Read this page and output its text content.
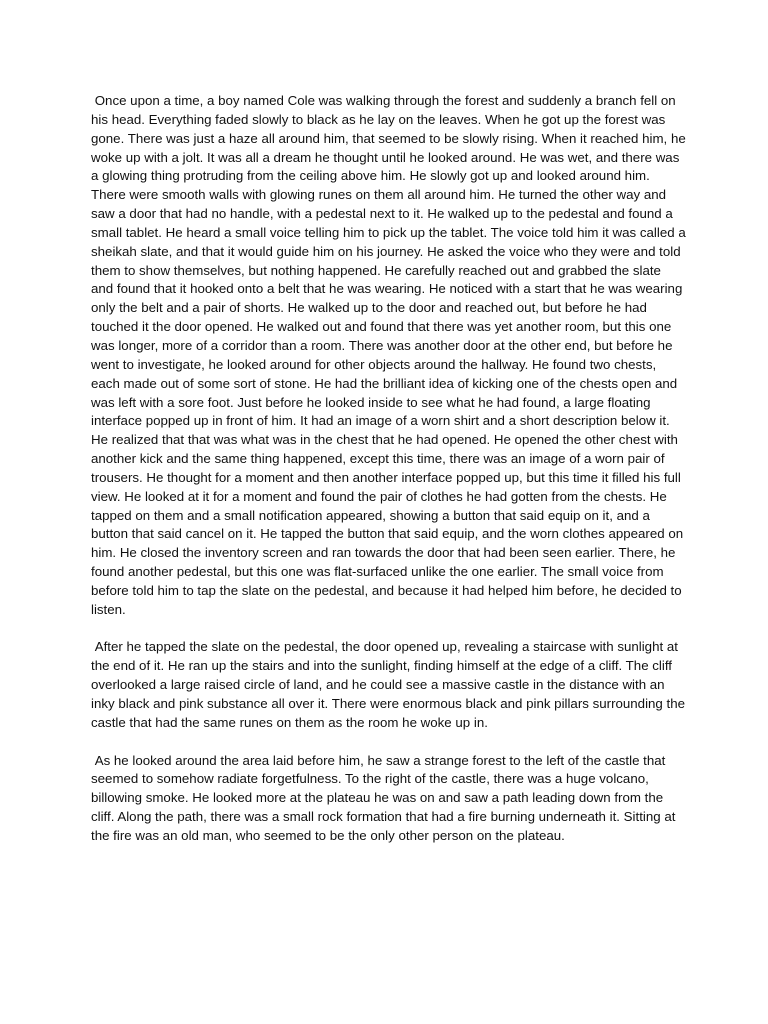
Once upon a time, a boy named Cole was walking through the forest and suddenly a branch fell on his head. Everything faded slowly to black as he lay on the leaves. When he got up the forest was gone. There was just a haze all around him, that seemed to be slowly rising. When it reached him, he woke up with a jolt. It was all a dream he thought until he looked around. He was wet, and there was a glowing thing protruding from the ceiling above him. He slowly got up and looked around him. There were smooth walls with glowing runes on them all around him. He turned the other way and saw a door that had no handle, with a pedestal next to it. He walked up to the pedestal and found a small tablet. He heard a small voice telling him to pick up the tablet. The voice told him it was called a sheikah slate, and that it would guide him on his journey. He asked the voice who they were and told them to show themselves, but nothing happened. He carefully reached out and grabbed the slate and found that it hooked onto a belt that he was wearing. He noticed with a start that he was wearing only the belt and a pair of shorts. He walked up to the door and reached out, but before he had touched it the door opened. He walked out and found that there was yet another room, but this one was longer, more of a corridor than a room. There was another door at the other end, but before he went to investigate, he looked around for other objects around the hallway. He found two chests, each made out of some sort of stone. He had the brilliant idea of kicking one of the chests open and was left with a sore foot. Just before he looked inside to see what he had found, a large floating interface popped up in front of him. It had an image of a worn shirt and a short description below it. He realized that that was what was in the chest that he had opened. He opened the other chest with another kick and the same thing happened, except this time, there was an image of a worn pair of trousers. He thought for a moment and then another interface popped up, but this time it filled his full view. He looked at it for a moment and found the pair of clothes he had gotten from the chests. He tapped on them and a small notification appeared, showing a button that said equip on it, and a button that said cancel on it. He tapped the button that said equip, and the worn clothes appeared on him. He closed the inventory screen and ran towards the door that had been seen earlier. There, he found another pedestal, but this one was flat-surfaced unlike the one earlier. The small voice from before told him to tap the slate on the pedestal, and because it had helped him before, he decided to listen.

After he tapped the slate on the pedestal, the door opened up, revealing a staircase with sunlight at the end of it. He ran up the stairs and into the sunlight, finding himself at the edge of a cliff. The cliff overlooked a large raised circle of land, and he could see a massive castle in the distance with an inky black and pink substance all over it. There were enormous black and pink pillars surrounding the castle that had the same runes on them as the room he woke up in.

As he looked around the area laid before him, he saw a strange forest to the left of the castle that seemed to somehow radiate forgetfulness. To the right of the castle, there was a huge volcano, billowing smoke. He looked more at the plateau he was on and saw a path leading down from the cliff. Along the path, there was a small rock formation that had a fire burning underneath it. Sitting at the fire was an old man, who seemed to be the only other person on the plateau.
